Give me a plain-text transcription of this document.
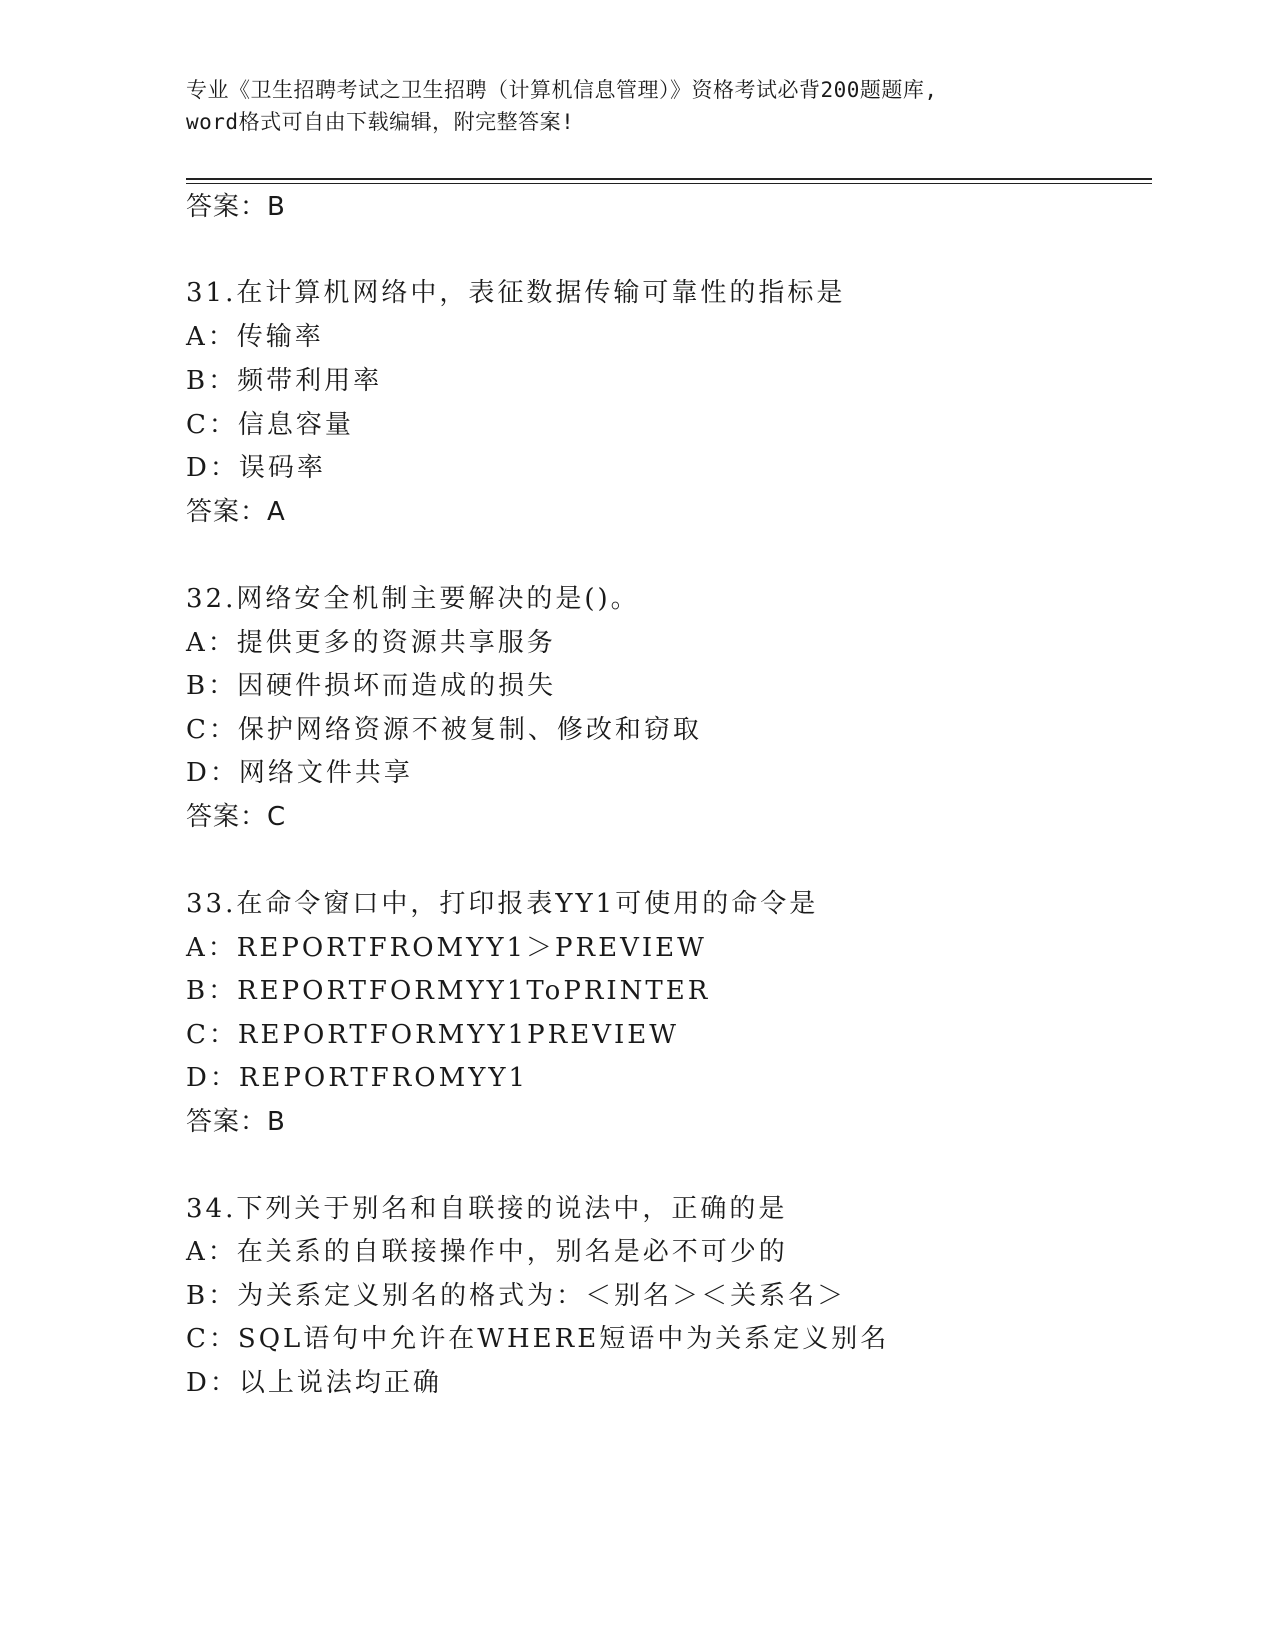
专业《卫生招聘考试之卫生招聘（计算机信息管理）》资格考试必背200题题库,
word格式可自由下载编辑，附完整答案!
答案：B
31.在计算机网络中，表征数据传输可靠性的指标是
A：传输率
B：频带利用率
C：信息容量
D：误码率
答案：A
32.网络安全机制主要解决的是()。
A：提供更多的资源共享服务
B：因硬件损坏而造成的损失
C：保护网络资源不被复制、修改和窃取
D：网络文件共享
答案：C
33.在命令窗口中，打印报表YY1可使用的命令是
A：REPORTFROMYY1＞PREVIEW
B：REPORTFORMYY1ToPRINTER
C：REPORTFORMYY1PREVIEW
D：REPORTFROMYY1
答案：B
34.下列关于别名和自联接的说法中，正确的是
A：在关系的自联接操作中，别名是必不可少的
B：为关系定义别名的格式为：＜别名＞＜关系名＞
C：SQL语句中允许在WHERE短语中为关系定义别名
D：以上说法均正确
